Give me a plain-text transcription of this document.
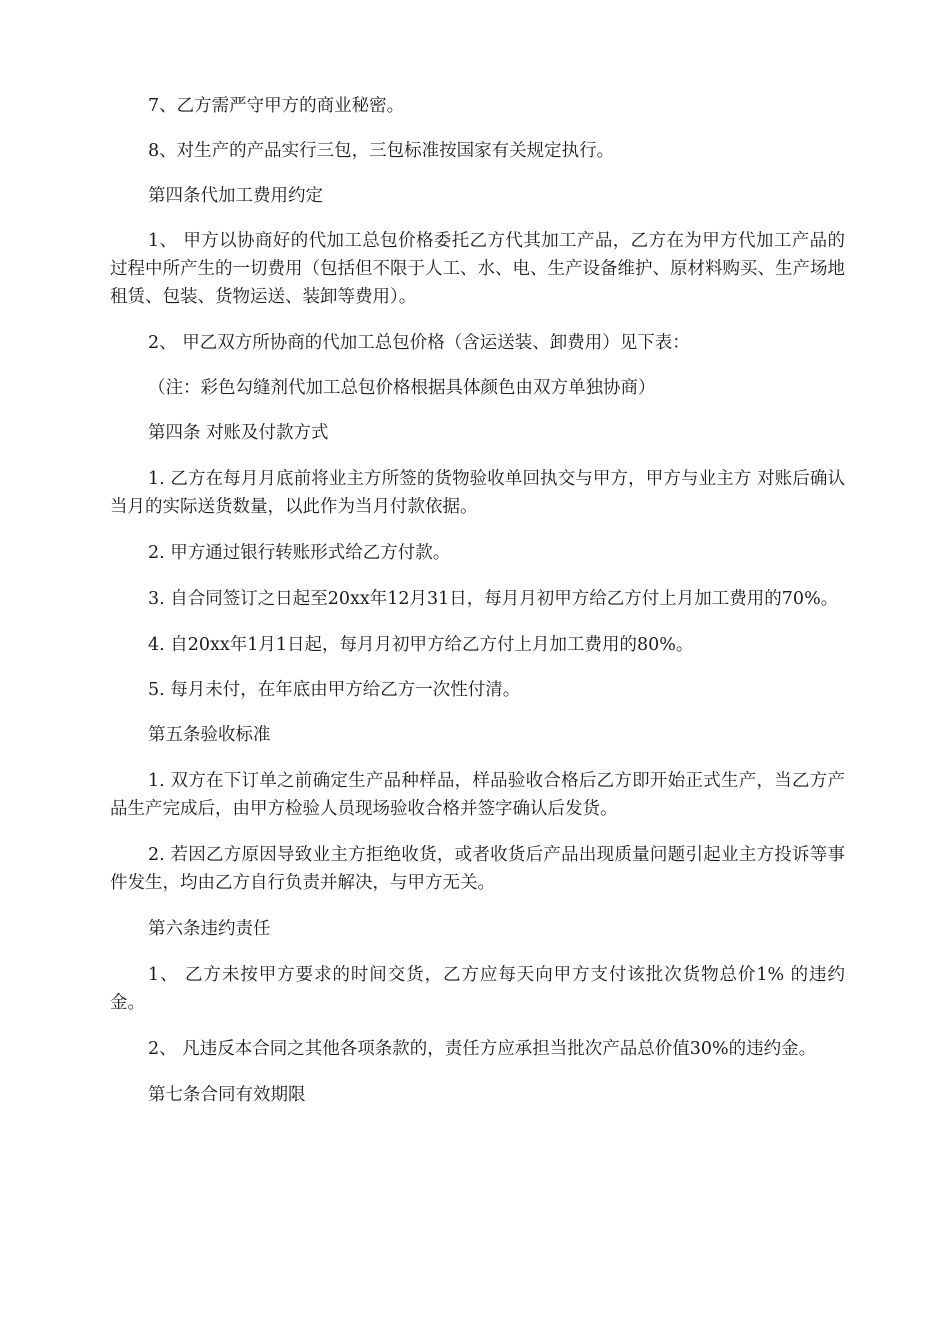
7、乙方需严守甲方的商业秘密。

8、对生产的产品实行三包，三包标准按国家有关规定执行。

第四条代加工费用约定

1、 甲方以协商好的代加工总包价格委托乙方代其加工产品，乙方在为甲方代加工产品的过程中所产生的一切费用（包括但不限于人工、水、电、生产设备维护、原材料购买、生产场地租赁、包装、货物运送、装卸等费用）。

2、 甲乙双方所协商的代加工总包价格（含运送装、卸费用）见下表：

（注：彩色勾缝剂代加工总包价格根据具体颜色由双方单独协商）

第四条 对账及付款方式

1. 乙方在每月月底前将业主方所签的货物验收单回执交与甲方，甲方与业主方 对账后确认当月的实际送货数量，以此作为当月付款依据。

2. 甲方通过银行转账形式给乙方付款。

3. 自合同签订之日起至20xx年12月31日，每月月初甲方给乙方付上月加工费用的70%。

4. 自20xx年1月1日起，每月月初甲方给乙方付上月加工费用的80%。

5. 每月未付，在年底由甲方给乙方一次性付清。

第五条验收标准

1. 双方在下订单之前确定生产品种样品，样品验收合格后乙方即开始正式生产，当乙方产品生产完成后，由甲方检验人员现场验收合格并签字确认后发货。

2. 若因乙方原因导致业主方拒绝收货，或者收货后产品出现质量问题引起业主方投诉等事件发生，均由乙方自行负责并解决，与甲方无关。

第六条违约责任

1、 乙方未按甲方要求的时间交货，乙方应每天向甲方支付该批次货物总价1% 的违约金。

2、 凡违反本合同之其他各项条款的，责任方应承担当批次产品总价值30%的违约金。

第七条合同有效期限
